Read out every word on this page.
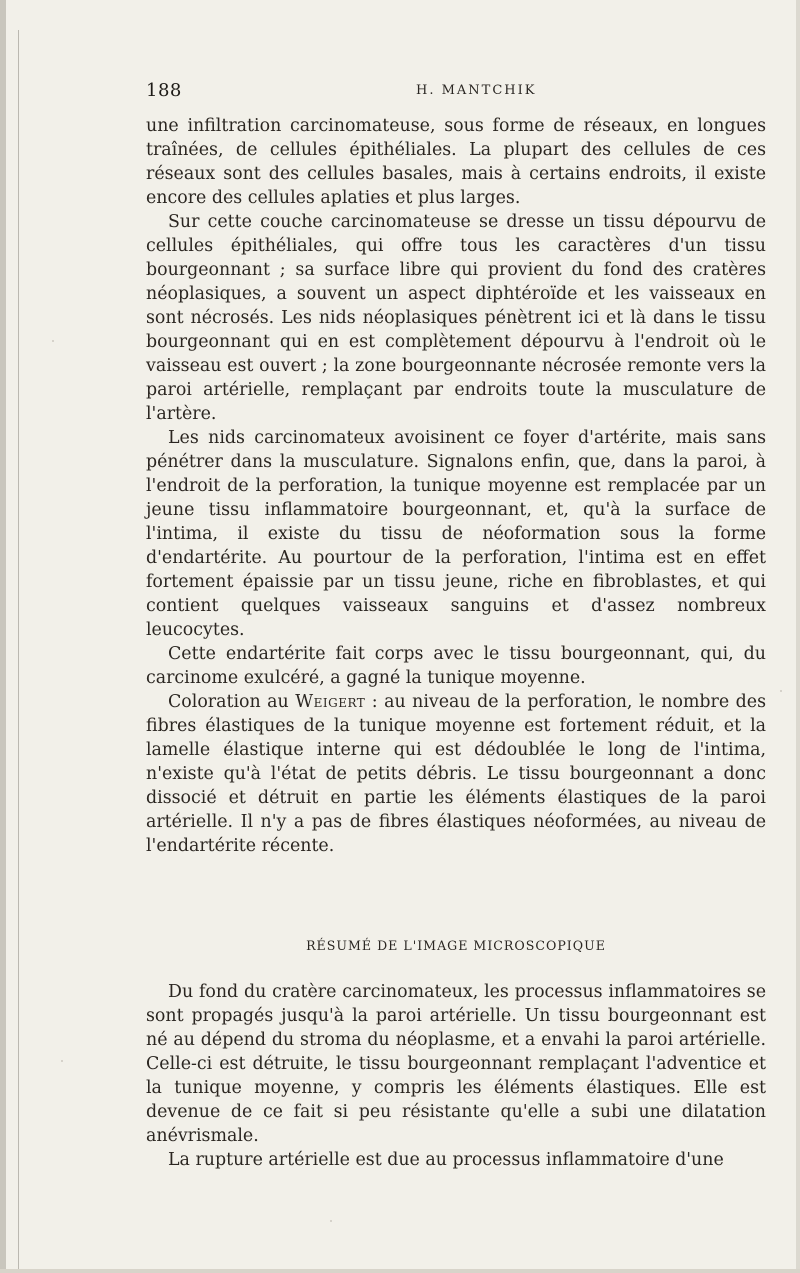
188	H. MANTCHIK

une infiltration carcinomateuse, sous forme de réseaux, en longues traînées, de cellules épithéliales. La plupart des cellules de ces réseaux sont des cellules basales, mais à certains endroits, il existe encore des cellules aplaties et plus larges.

Sur cette couche carcinomateuse se dresse un tissu dépourvu de cellules épithéliales, qui offre tous les caractères d'un tissu bourgeonnant ; sa surface libre qui provient du fond des cratères néoplasiques, a souvent un aspect diphtéroïde et les vaisseaux en sont nécrosés. Les nids néoplasiques pénètrent ici et là dans le tissu bourgeonnant qui en est complètement dépourvu à l'endroit où le vaisseau est ouvert ; la zone bourgeonnante nécrosée remonte vers la paroi artérielle, remplaçant par endroits toute la musculature de l'artère.

Les nids carcinomateux avoisinent ce foyer d'artérite, mais sans pénétrer dans la musculature. Signalons enfin, que, dans la paroi, à l'endroit de la perforation, la tunique moyenne est remplacée par un jeune tissu inflammatoire bourgeonnant, et, qu'à la surface de l'intima, il existe du tissu de néoformation sous la forme d'endartérite. Au pourtour de la perforation, l'intima est en effet fortement épaissie par un tissu jeune, riche en fibroblastes, et qui contient quelques vaisseaux sanguins et d'assez nombreux leucocytes.

Cette endartérite fait corps avec le tissu bourgeonnant, qui, du carcinome exulcéré, a gagné la tunique moyenne.

Coloration au Weigert : au niveau de la perforation, le nombre des fibres élastiques de la tunique moyenne est fortement réduit, et la lamelle élastique interne qui est dédoublée le long de l'intima, n'existe qu'à l'état de petits débris. Le tissu bourgeonnant a donc dissocié et détruit en partie les éléments élastiques de la paroi artérielle. Il n'y a pas de fibres élastiques néoformées, au niveau de l'endartérite récente.

RÉSUMÉ DE L'IMAGE MICROSCOPIQUE

Du fond du cratère carcinomateux, les processus inflammatoires se sont propagés jusqu'à la paroi artérielle. Un tissu bourgeonnant est né au dépend du stroma du néoplasme, et a envahi la paroi artérielle. Celle-ci est détruite, le tissu bourgeonnant remplaçant l'adventice et la tunique moyenne, y compris les éléments élastiques. Elle est devenue de ce fait si peu résistante qu'elle a subi une dilatation anévrismale.

La rupture artérielle est due au processus inflammatoire d'une
